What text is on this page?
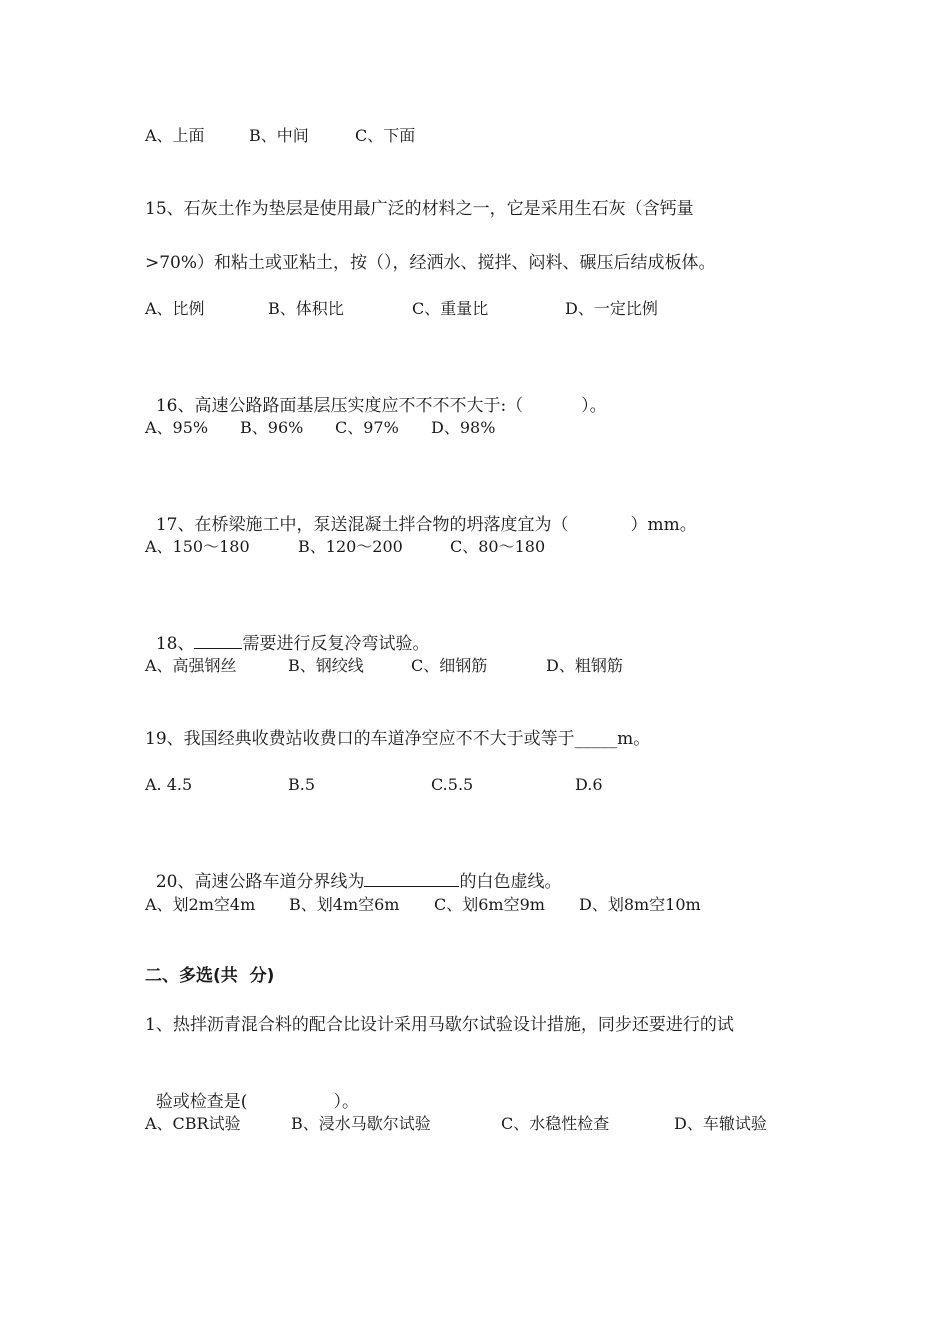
A、上面

	B、中间

	C、下面

15、石灰土作为垫层是使用最广泛的材料之一，它是采用生石灰（含钙量
>70%）和粘土或亚粘土，按（），经洒水、搅拌、闷料、碾压后结成板体。

A、比例

	B、体积比

	C、重量比

	D、一定比例

16、高速公路路面基层压实度应不不不不大于:（	）。

A、95%

B、96%

C、97%

D、98%

17、在桥梁施工中，泵送混凝土拌合物的坍落度宜为（	）mm。

A、150～180

	B、120～200

	C、80～180

18、	需要进行反复冷弯试验。

A、高强钢丝

	B、钢绞线

	C、细钢筋

	D、粗钢筋

19、我国经典收费站收费口的车道净空应不不大于或等于_____m。

A. 4.5

	B.5

	C.5.5

	D.6

20、高速公路车道分界线为	的白色虚线。

A、划2m空4m

B、划4m空6m

C、划6m空9m

D、划8m空10m

二、多选(共  分)
1、热拌沥青混合料的配合比设计采用马歇尔试验设计措施，同步还要进行的试

验或检查是(	）。

A、CBR试验

	B、浸水马歇尔试验

	C、水稳性检查

	D、车辙试验
